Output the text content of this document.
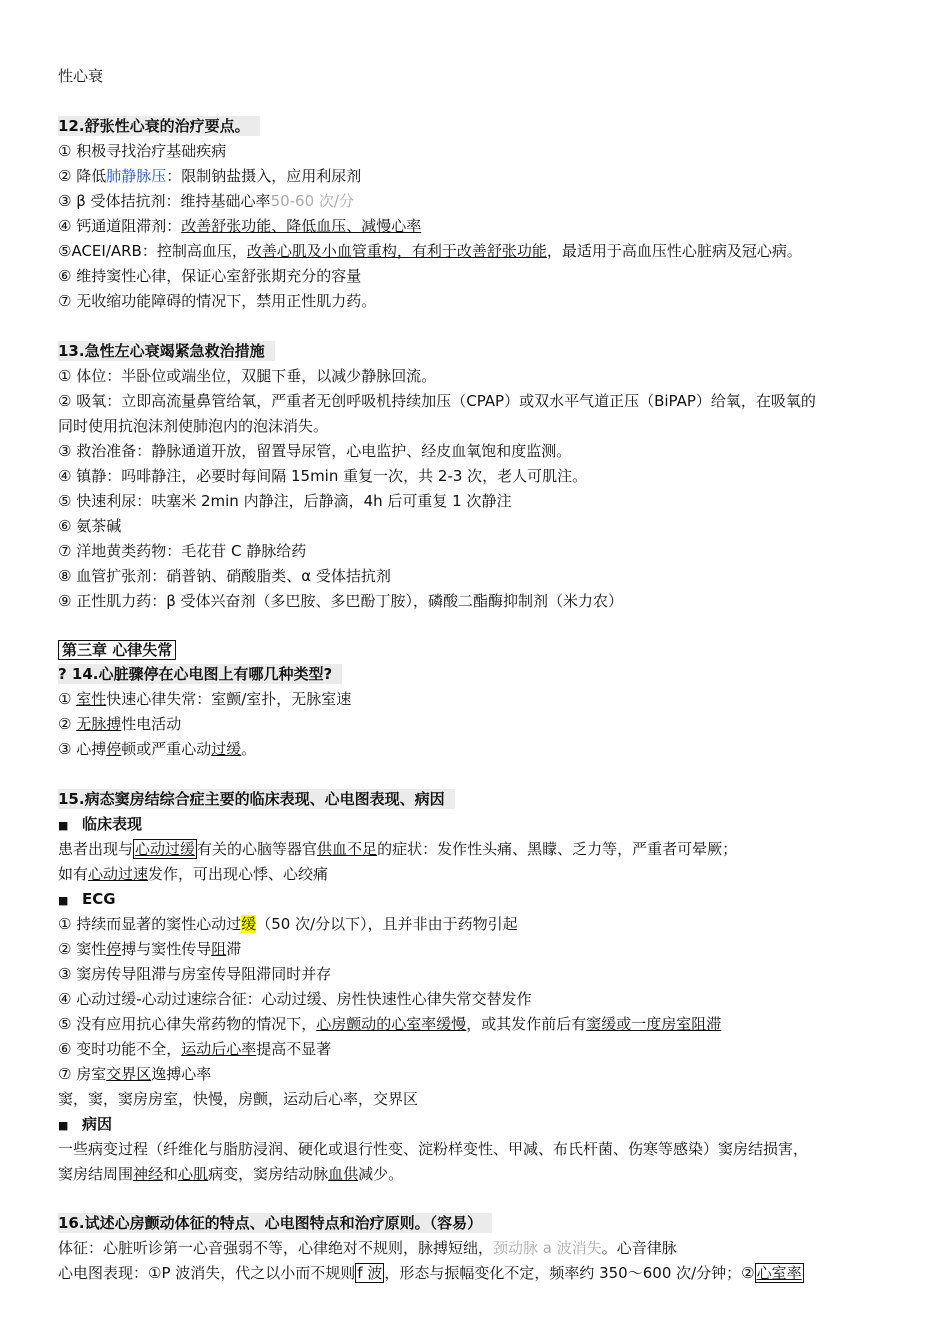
性心衰
12.舒张性心衰的治疗要点。
① 积极寻找治疗基础疾病
② 降低肺静脉压：限制钠盐摄入，应用利尿剂
③ β 受体拮抗剂：维持基础心率50-60 次/分
④ 钙通道阻滞剂：改善舒张功能、降低血压、减慢心率
⑤ACEI/ARB：控制高血压，改善心肌及小血管重构，有利于改善舒张功能，最适用于高血压性心脏病及冠心病。
⑥ 维持窦性心律，保证心室舒张期充分的容量
⑦ 无收缩功能障碍的情况下，禁用正性肌力药。
13.急性左心衰竭紧急救治措施
① 体位：半卧位或端坐位，双腿下垂，以减少静脉回流。
② 吸氧：立即高流量鼻管给氧，严重者无创呼吸机持续加压（CPAP）或双水平气道正压（BiPAP）给氧，在吸氧的
同时使用抗泡沫剂使肺泡内的泡沫消失。
③ 救治准备：静脉通道开放，留置导尿管，心电监护、经皮血氧饱和度监测。
④ 镇静：吗啡静注，必要时每间隔 15min 重复一次，共 2-3 次，老人可肌注。
⑤ 快速利尿：呋塞米 2min 内静注，后静滴，4h 后可重复 1 次静注
⑥ 氨茶碱
⑦ 洋地黄类药物：毛花苷 C 静脉给药
⑧ 血管扩张剂：硝普钠、硝酸脂类、α 受体拮抗剂
⑨ 正性肌力药：β 受体兴奋剂（多巴胺、多巴酚丁胺），磷酸二酯酶抑制剂（米力农）
第三章 心律失常
? 14.心脏骤停在心电图上有哪几种类型?
① 室性快速心律失常：室颤/室扑，无脉室速
② 无脉搏性电活动
③ 心搏停顿或严重心动过缓。
15.病态窦房结综合症主要的临床表现、心电图表现、病因
■ 临床表现
患者出现与 心动过缓 有关的心脑等器官供血不足的症状：发作性头痛、黑矇、乏力等，严重者可晕厥；
如有心动过速发作，可出现心悸、心绞痛
■ ECG
① 持续而显著的窦性心动过缓（50 次/分以下），且并非由于药物引起
② 窦性停搏与窦性传导阻滞
③ 窦房传导阻滞与房室传导阻滞同时并存
④ 心动过缓-心动过速综合征：心动过缓、房性快速性心律失常交替发作
⑤ 没有应用抗心律失常药物的情况下，心房颤动的心室率缓慢，或其发作前后有窦缓或一度房室阻滞
⑥ 变时功能不全，运动后心率提高不显著
⑦ 房室交界区逸搏心率
窦，窦，窦房房室，快慢，房颤，运动后心率，交界区
■ 病因
一些病变过程（纤维化与脂肪浸润、硬化或退行性变、淀粉样变性、甲减、布氏杆菌、伤寒等感染）窦房结损害，
窦房结周围神经和心肌病变，窦房结动脉血供减少。
16.试述心房颤动体征的特点、心电图特点和治疗原则。（容易）
体征：心脏听诊第一心音强弱不等，心律绝对不规则，脉搏短绌，颈动脉 a 波消失。心音律脉
心电图表现：①P 波消失，代之以小而不规则 f 波 ，形态与振幅变化不定，频率约 350～600 次/分钟；② 心室率
